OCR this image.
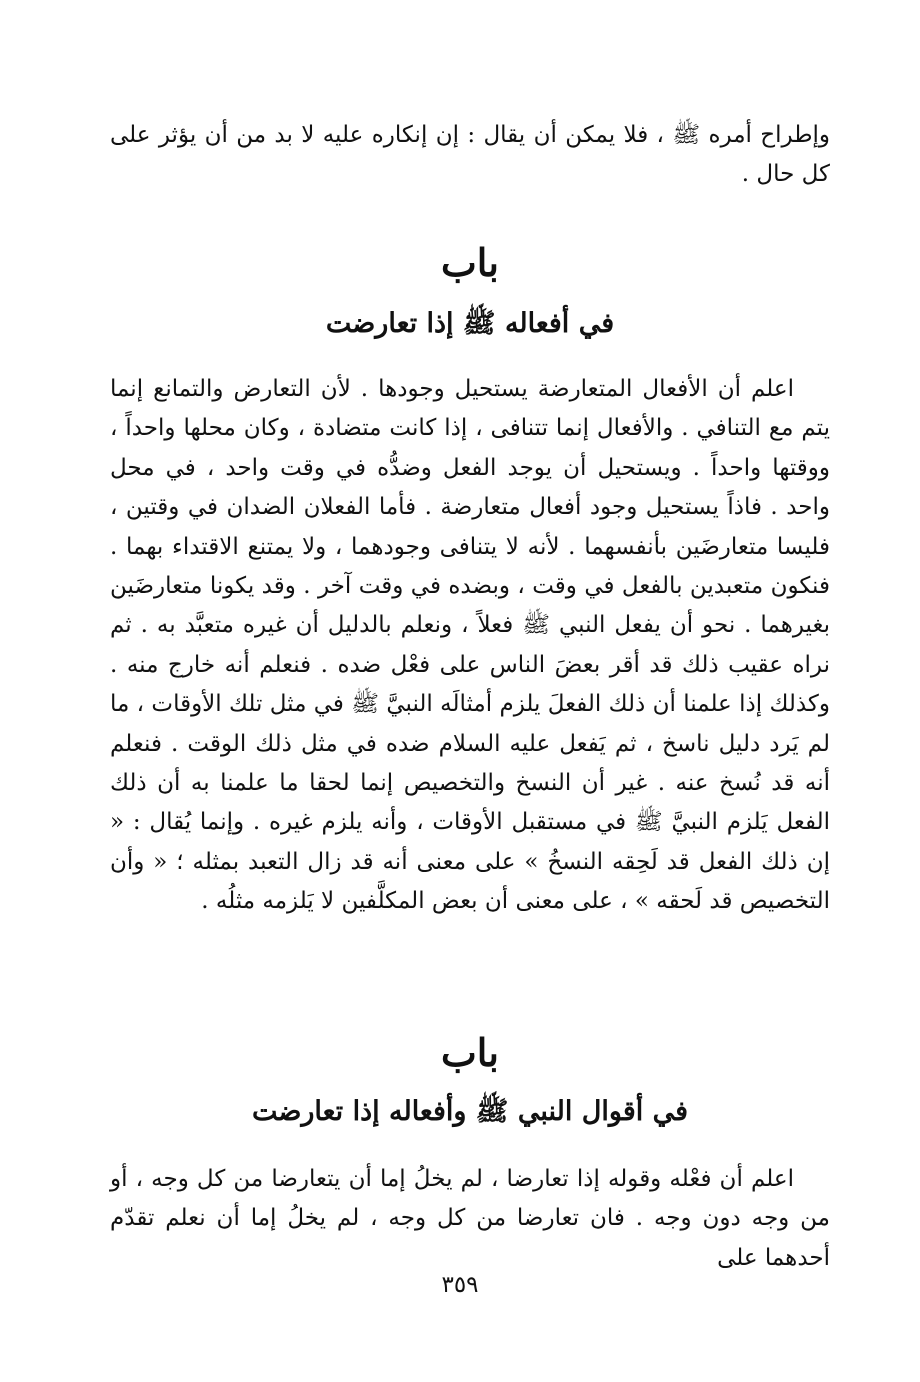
وإطراح أمره ﷺ ، فلا يمكن أن يقال : إن إنكاره عليه لا بد من أن يؤثر على كل حال .

باب
في أفعاله ﷺ إذا تعارضت

اعلم أن الأفعال المتعارضة يستحيل وجودها . لأن التعارض والتمانع إنما يتم مع التنافي . والأفعال إنما تتنافى ، إذا كانت متضادة ، وكان محلها واحداً ، ووقتها واحداً . ويستحيل أن يوجد الفعل وضدُّه في وقت واحد ، في محل واحد . فاذاً يستحيل وجود أفعال متعارضة . فأما الفعلان الضدان في وقتين ، فليسا متعارضَين بأنفسهما . لأنه لا يتنافى وجودهما ، ولا يمتنع الاقتداء بهما . فنكون متعبدين بالفعل في وقت ، وبضده في وقت آخر . وقد يكونا متعارضَين بغيرهما . نحو أن يفعل النبي ﷺ فعلاً ، ونعلم بالدليل أن غيره متعبَّد به . ثم نراه عقيب ذلك قد أقر بعضَ الناس على فعْل ضده . فنعلم أنه خارج منه . وكذلك إذا علمنا أن ذلك الفعلَ يلزم أمثالَه النبيَّ ﷺ في مثل تلك الأوقات ، ما لم يَرد دليل ناسخ ، ثم يَفعل عليه السلام ضده في مثل ذلك الوقت . فنعلم أنه قد نُسخ عنه . غير أن النسخ والتخصيص إنما لحقا ما علمنا به أن ذلك الفعل يَلزم النبيَّ ﷺ في مستقبل الأوقات ، وأنه يلزم غيره . وإنما يُقال : « إن ذلك الفعل قد لَحِقه النسخُ » على معنى أنه قد زال التعبد بمثله ؛ « وأن التخصيص قد لَحقه » ، على معنى أن بعض المكلَّفين لا يَلزمه مثلُه .

باب
في أقوال النبي ﷺ وأفعاله إذا تعارضت

اعلم أن فعْله وقوله إذا تعارضا ، لم يخلُ إما أن يتعارضا من كل وجه ، أو من وجه دون وجه . فان تعارضا من كل وجه ، لم يخلُ إما أن نعلم تقدّم أحدهما على

٣٥٩
